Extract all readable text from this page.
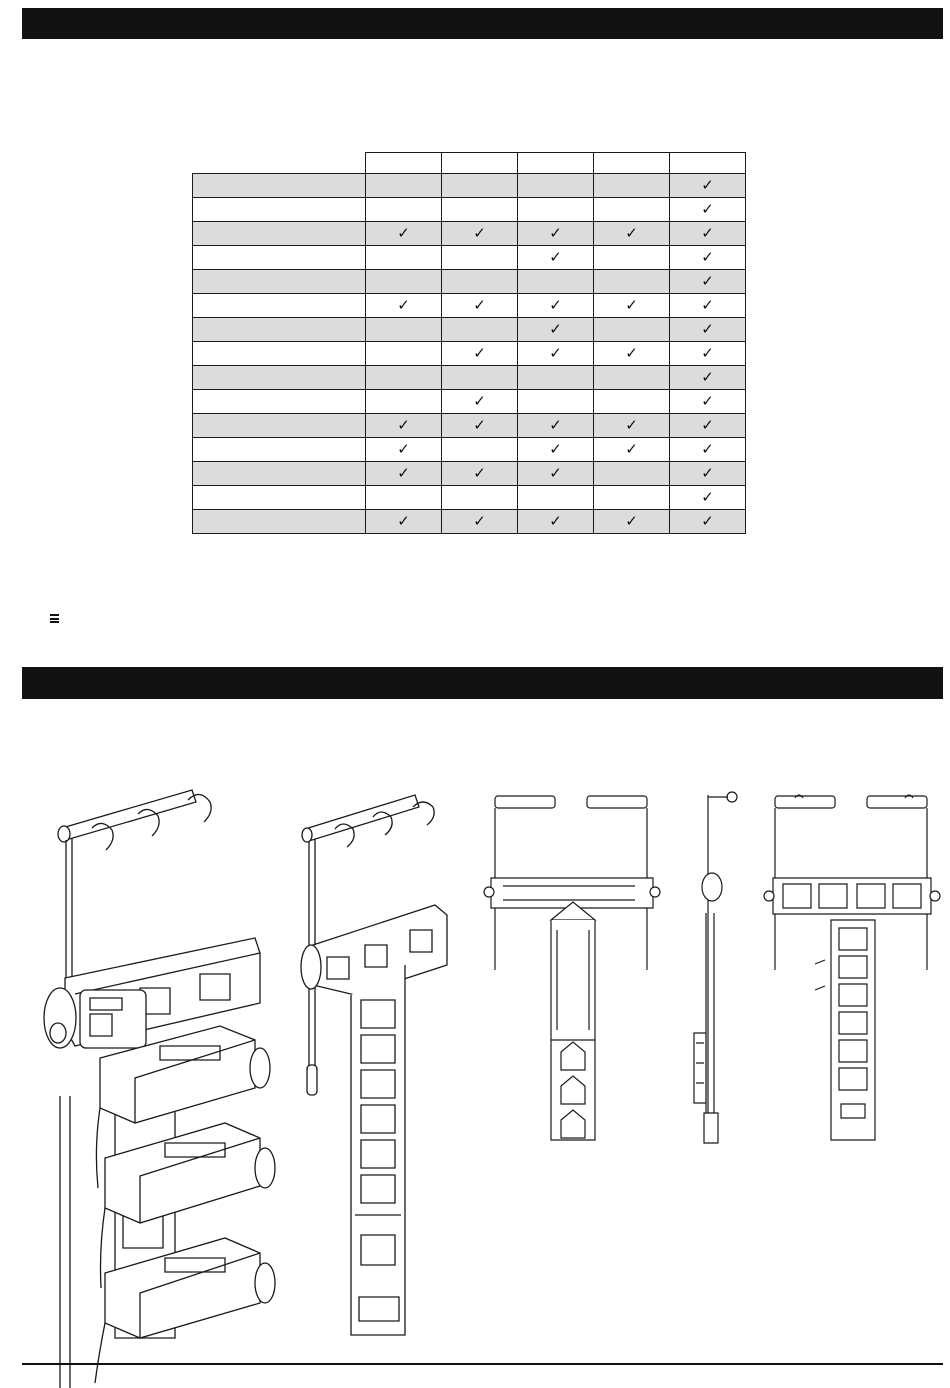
					✓
					✓
	✓	✓	✓	✓	✓
			✓		✓
					✓
	✓	✓	✓	✓	✓
			✓		✓
		✓	✓	✓	✓
					✓
		✓			✓
	✓	✓	✓	✓	✓
	✓		✓	✓	✓
	✓	✓	✓		✓
					✓
	✓	✓	✓	✓	✓
